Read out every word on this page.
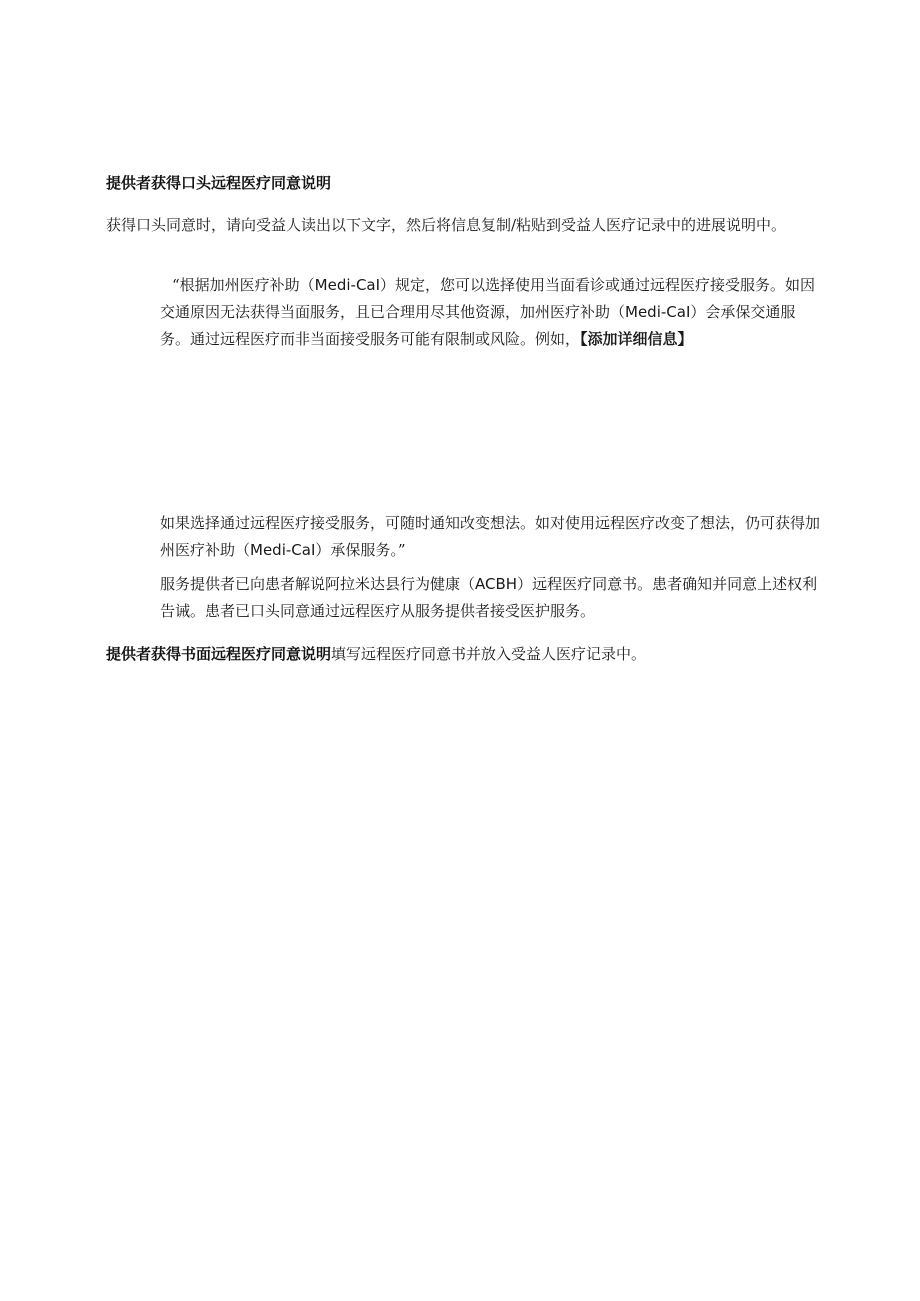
提供者获得口头远程医疗同意说明
获得口头同意时，请向受益人读出以下文字，然后将信息复制/粘贴到受益人医疗记录中的进展说明中。
“根据加州医疗补助（Medi-CaI）规定，您可以选择使用当面看诊或通过远程医疗接受服务。如因交通原因无法获得当面服务，且已合理用尽其他资源，加州医疗补助（Medi-CaI）会承保交通服务。通过远程医疗而非当面接受服务可能有限制或风险。例如，【添加详细信息】
如果选择通过远程医疗接受服务，可随时通知改变想法。如对使用远程医疗改变了想法，仍可获得加州医疗补助（Medi-CaI）承保服务。”
服务提供者已向患者解说阿拉米达县行为健康（ACBH）远程医疗同意书。患者确知并同意上述权利告诫。患者已口头同意通过远程医疗从服务提供者接受医护服务。
提供者获得书面远程医疗同意说明填写远程医疗同意书并放入受益人医疗记录中。
